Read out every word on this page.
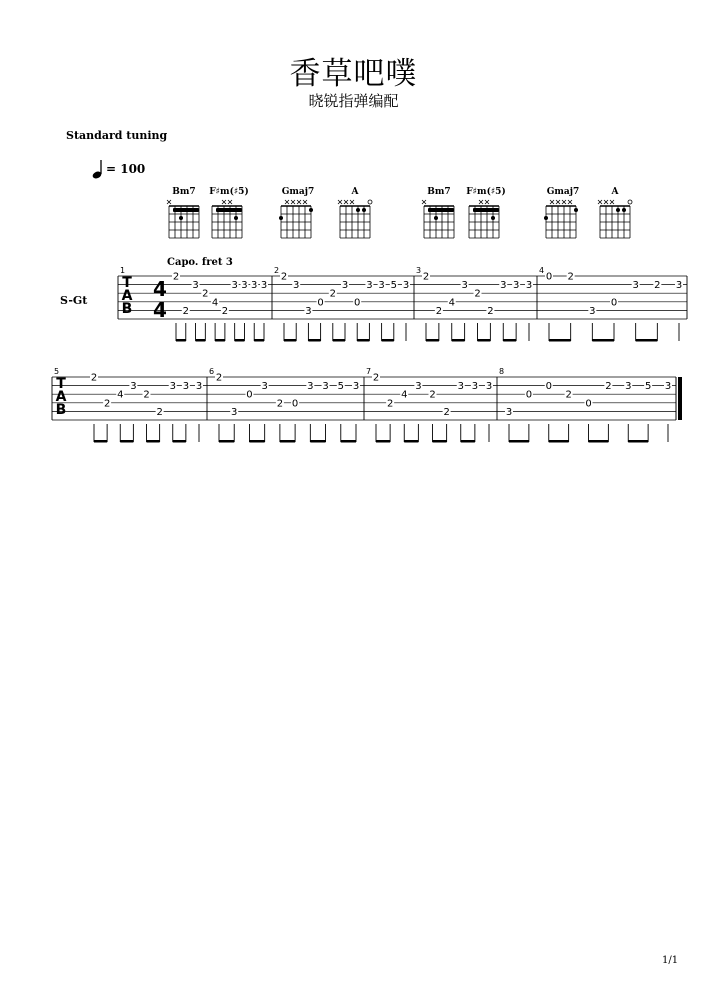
香草吧噗
晓锐指弹编配
Standard tuning
= 100
Bm7 F♯m(♯5)	Gmaj7	A	Bm7 F♯m(♯5)	Gmaj7	A
Capo. fret 3
S-Gt
T
A
B
4
4
1
2
2
3
2
4
2
3 3 3 3
2
2
3
3
0
2
3
0
3 3 5 3
3
2
2
4
3
2
2
3 3 3
4
0 2
3
0
3 2 3
T
A
B
5
2
2
4
3
2
2
3 3 3
6
2
3
0
3
2 0
3 3 5 3
7
2
2
4
3
2
2
3 3 3
8
3
0
0
2
0
2 3 5 3
1/1
